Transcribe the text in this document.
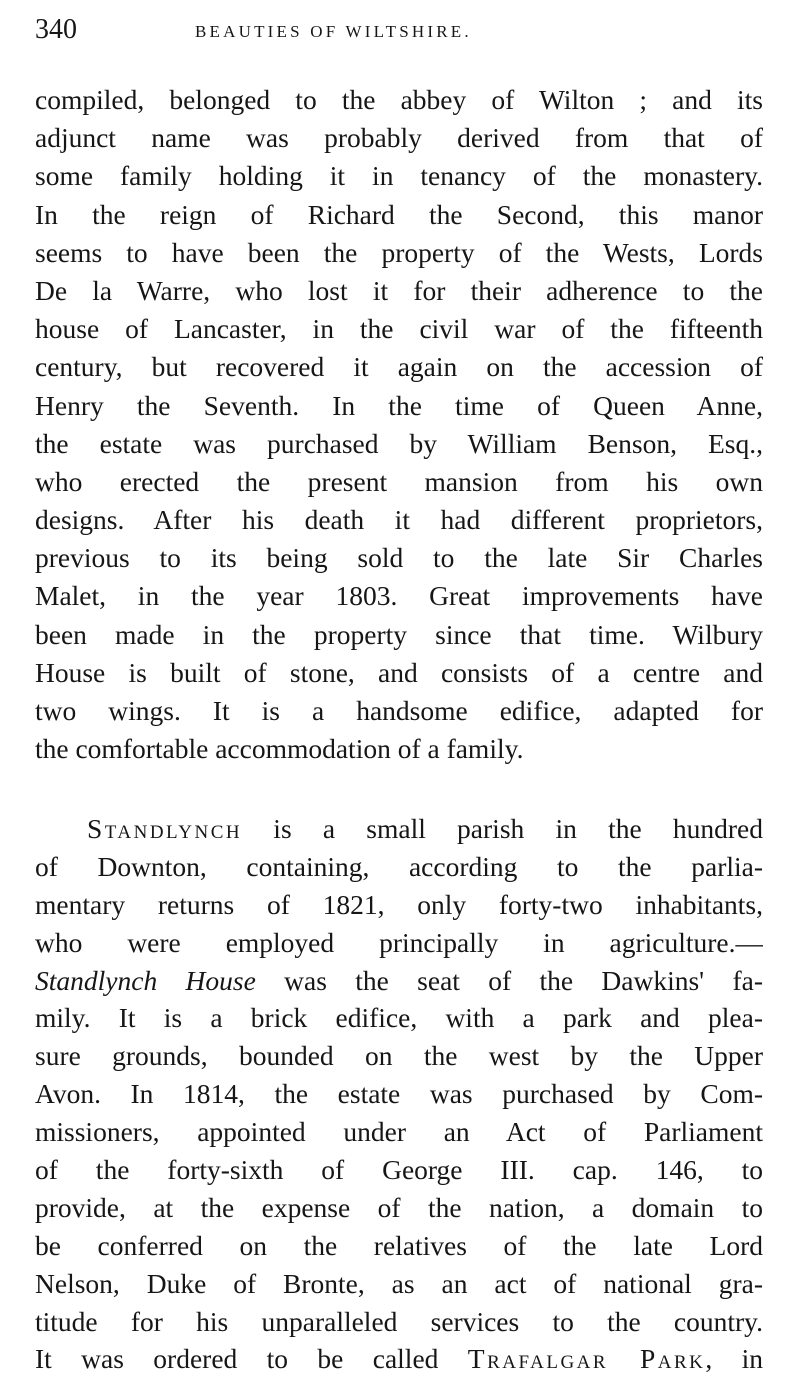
340	BEAUTIES OF WILTSHIRE.
compiled, belonged to the abbey of Wilton ; and its
adjunct name was probably derived from that of
some family holding it in tenancy of the monastery.
In the reign of Richard the Second, this manor
seems to have been the property of the Wests, Lords
De la Warre, who lost it for their adherence to the
house of Lancaster, in the civil war of the fifteenth
century, but recovered it again on the accession of
Henry the Seventh. In the time of Queen Anne,
the estate was purchased by William Benson, Esq.,
who erected the present mansion from his own
designs. After his death it had different proprietors,
previous to its being sold to the late Sir Charles
Malet, in the year 1803. Great improvements have
been made in the property since that time. Wilbury
House is built of stone, and consists of a centre and
two wings. It is a handsome edifice, adapted for
the comfortable accommodation of a family.
Standlynch is a small parish in the hundred
of Downton, containing, according to the parlia-
mentary returns of 1821, only forty-two inhabitants,
who were employed principally in agriculture.—
Standlynch House was the seat of the Dawkins' fa-
mily. It is a brick edifice, with a park and plea-
sure grounds, bounded on the west by the Upper
Avon. In 1814, the estate was purchased by Com-
missioners, appointed under an Act of Parliament
of the forty-sixth of George III. cap. 146, to
provide, at the expense of the nation, a domain to
be conferred on the relatives of the late Lord
Nelson, Duke of Bronte, as an act of national gra-
titude for his unparalleled services to the country.
It was ordered to be called Trafalgar Park, in
